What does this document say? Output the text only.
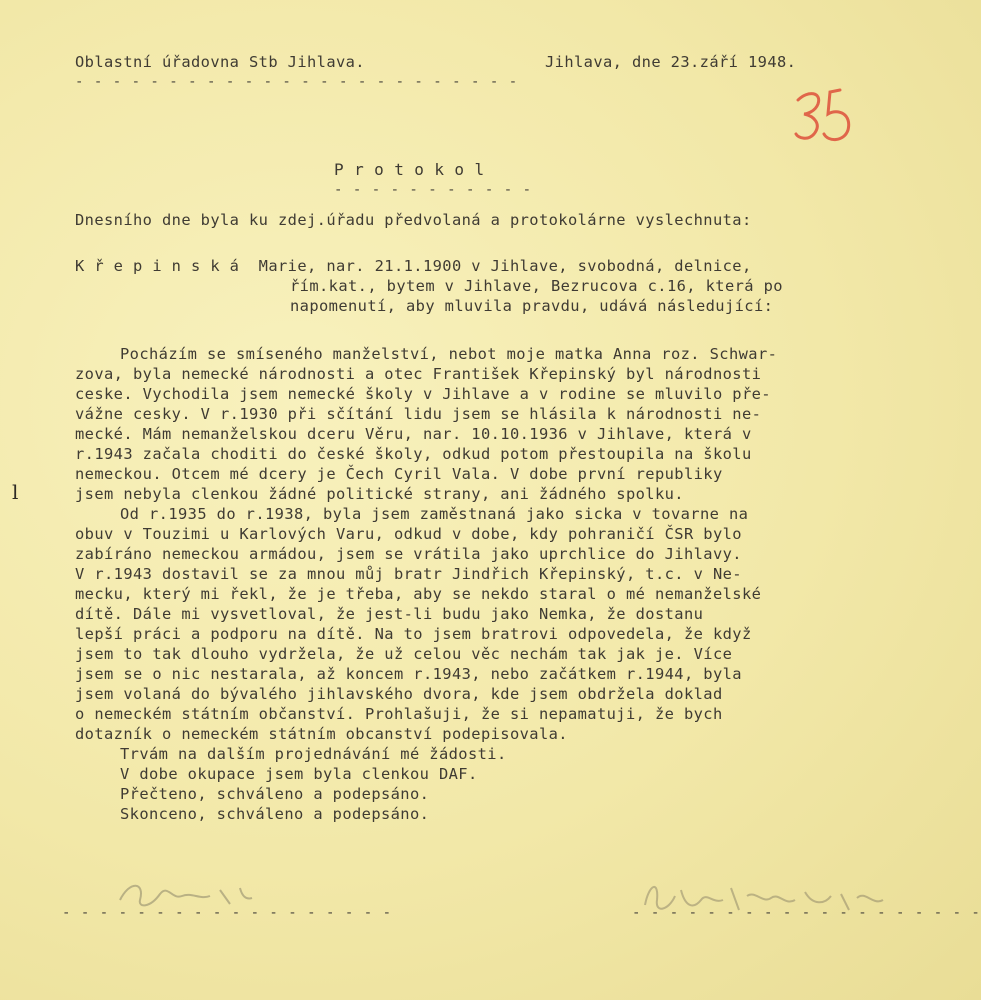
Oblastní úřadovna Stb Jihlava.
- - - - - - - - - - - - - - - - - - - - - - - -
Jihlava, dne 23.září 1948.
P r o t o k o l
- - - - - - - - - - -
Dnesního dne byla ku zdej.úřadu předvolaná a protokolárne vyslechnuta:
K ř e p i n s k á  Marie, nar. 21.1.1900 v Jihlave, svobodná, delnice,
řím.kat., bytem v Jihlave, Bezrucova c.16, která po
napomenutí, aby mluvila pravdu, udává následující:
Pocházím se smíseného manželství, nebot moje matka Anna roz. Schwar-
zova, byla nemecké národnosti a otec František Křepinský byl národnosti
ceske. Vychodila jsem nemecké školy v Jihlave a v rodine se mluvilo pře-
vážne cesky. V r.1930 při sčítání lidu jsem se hlásila k národnosti ne-
mecké. Mám nemanželskou dceru Věru, nar. 10.10.1936 v Jihlave, která v
r.1943 začala choditi do české školy, odkud potom přestoupila na školu
nemeckou. Otcem mé dcery je Čech Cyril Vala. V dobe první republiky
jsem nebyla clenkou žádné politické strany, ani žádného spolku.
Od r.1935 do r.1938, byla jsem zaměstnaná jako sicka v tovarne na
obuv v Touzimi u Karlových Varu, odkud v dobe, kdy pohraničí ČSR bylo
zabíráno nemeckou armádou, jsem se vrátila jako uprchlice do Jihlavy.
V r.1943 dostavil se za mnou můj bratr Jindřich Křepinský, t.c. v Ne-
mecku, který mi řekl, že je třeba, aby se nekdo staral o mé nemanželské
dítě. Dále mi vysvetloval, že jest-li budu jako Nemka, že dostanu
lepší práci a podporu na dítě. Na to jsem bratrovi odpovedela, že když
jsem to tak dlouho vydržela, že už celou věc nechám tak jak je. Více
jsem se o nic nestarala, až koncem r.1943, nebo začátkem r.1944, byla
jsem volaná do bývalého jihlavského dvora, kde jsem obdržela doklad
o nemeckém státním občanství. Prohlašuji, že si nepamatuji, že bych
dotazník o nemeckém státním obcanství podepisovala.
Trvám na dalším projednávání mé žádosti.
V dobe okupace jsem byla clenkou DAF.
Přečteno, schváleno a podepsáno.
Skonceno, schváleno a podepsáno.
l
- - - - - - - - - - - - - - - - - -	- - - - - - - - - - - - - - - - - - -
